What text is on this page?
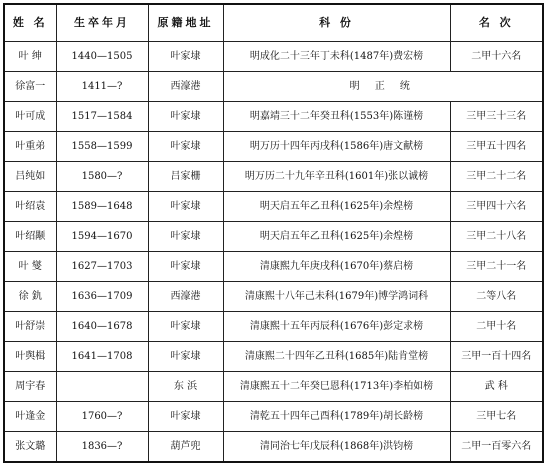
姓 名	生卒年月	原籍地址	科 份	名 次
叶 绅	1440—1505	叶家埭	明成化二十三年丁未科(1487年)费宏榜	二甲十六名
徐富一	1411—?	西濠港	明 正 统	
叶可成	1517—1584	叶家埭	明嘉靖三十二年癸丑科(1553年)陈谨榜	三甲三十三名
叶重弟	1558—1599	叶家埭	明万历十四年丙戌科(1586年)唐文献榜	三甲五十四名
吕纯如	1580—?	吕家栅	明万历二十九年辛丑科(1601年)张以诚榜	三甲二十二名
叶绍袁	1589—1648	叶家埭	明天启五年乙丑科(1625年)余煌榜	三甲四十六名
叶绍颙	1594—1670	叶家埭	明天启五年乙丑科(1625年)余煌榜	三甲二十八名
叶 燮	1627—1703	叶家埭	清康熙九年庚戌科(1670年)蔡启榜	三甲二十一名
徐 釚	1636—1709	西濠港	清康熙十八年己未科(1679年)博学鸿词科	二等八名
叶舒崇	1640—1678	叶家埭	清康熙十五年丙辰科(1676年)彭定求榜	二甲十名
叶舆楫	1641—1708	叶家埭	清康熙二十四年乙丑科(1685年)陆肯堂榜	三甲一百十四名
周宇春		东 浜	清康熙五十二年癸巳恩科(1713年)李柏如榜	武 科
叶逢金	1760—?	叶家埭	清乾五十四年己酉科(1789年)胡长龄榜	三甲七名
张文璐	1836—?	葫芦兜	清同治七年戊辰科(1868年)洪钧榜	二甲一百零六名
